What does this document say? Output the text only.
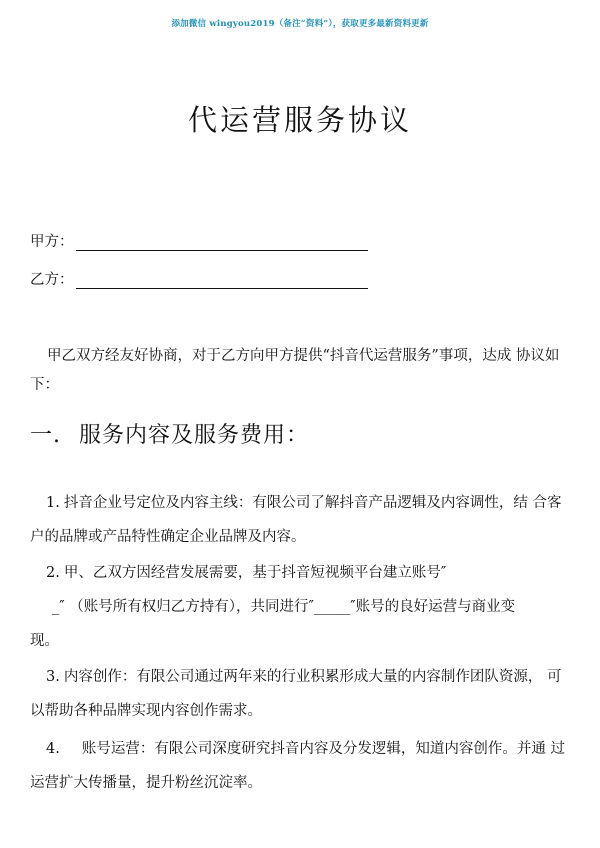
添加微信 wingyou2019（备注“资料”），获取更多最新资料更新
代运营服务协议
甲方：
乙方：
甲乙双方经友好协商，对于乙方向甲方提供“抖音代运营服务”事项，达成 协议如下：
一. 服务内容及服务费用：
1. 抖音企业号定位及内容主线：有限公司了解抖音产品逻辑及内容调性，结 合客
户的品牌或产品特性确定企业品牌及内容。
2. 甲、乙双方因经营发展需要，基于抖音短视频平台建立账号″
_″ （账号所有权归乙方持有），共同进行″_____″账号的良好运营与商业变
现。
3. 内容创作：有限公司通过两年来的行业积累形成大量的内容制作团队资源， 可
以帮助各种品牌实现内容创作需求。
4. 账号运营：有限公司深度研究抖音内容及分发逻辑，知道内容创作。并通 过
运营扩大传播量，提升粉丝沉淀率。
